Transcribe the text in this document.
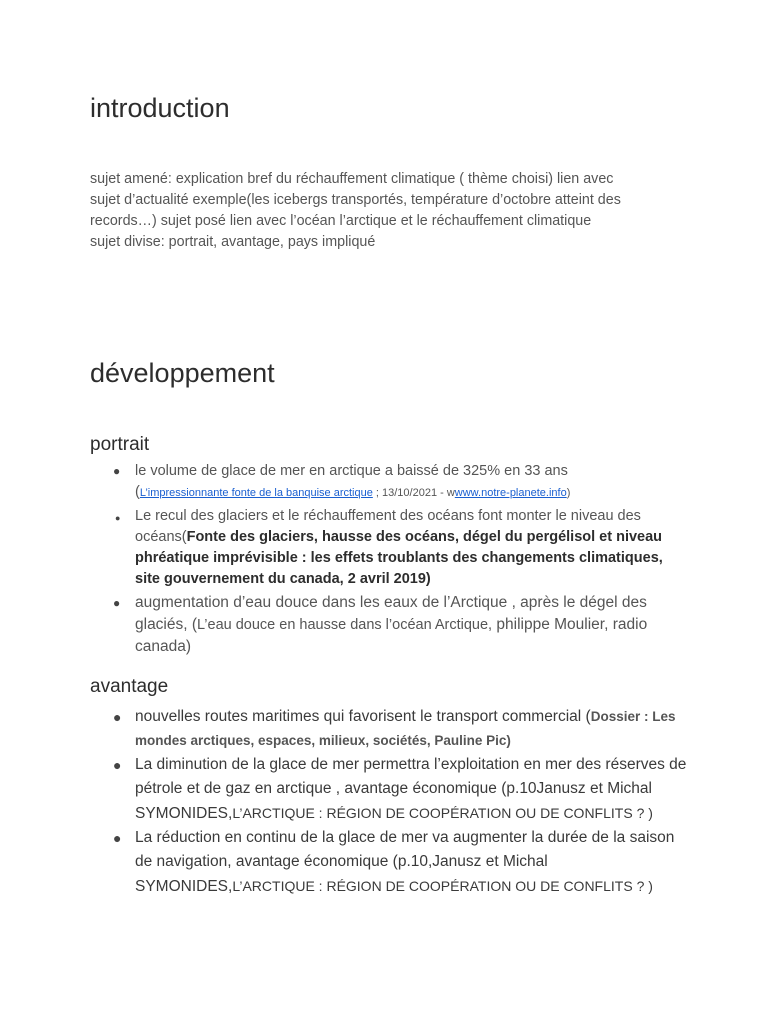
introduction
sujet amené: explication bref du réchauffement climatique ( thème choisi) lien avec
sujet d’actualité exemple(les icebergs transportés, température d’octobre atteint des
records…) sujet posé lien avec l’océan l’arctique et le réchauffement climatique
sujet divise: portrait, avantage, pays impliqué
développement
portrait
● le volume de glace de mer en arctique a baissé de 325% en 33 ans
(L’impressionnante fonte de la banquise arctique ; 13/10/2021 - wwww.notre-planete.info)
● Le recul des glaciers et le réchauffement des océans font monter le niveau des océans(Fonte des glaciers, hausse des océans, dégel du pergélisol et niveau phréatique imprévisible : les effets troublants des changements climatiques, site gouvernement du canada, 2 avril 2019)
● augmentation d’eau douce dans les eaux de l’Arctique , après le dégel des glaciés, (L’eau douce en hausse dans l’océan Arctique, philippe Moulier, radio canada)
avantage
● nouvelles routes maritimes qui favorisent le transport commercial (Dossier : Les mondes arctiques, espaces, milieux, sociétés, Pauline Pic)
● La diminution de la glace de mer permettra l’exploitation en mer des réserves de pétrole et de gaz en arctique , avantage économique (p.10Janusz et Michal SYMONIDES,L’ARCTIQUE : RÉGION DE COOPÉRATION OU DE CONFLITS ? )
● La réduction en continu de la glace de mer va augmenter la durée de la saison de navigation, avantage économique (p.10,Janusz et Michal SYMONIDES,L’ARCTIQUE : RÉGION DE COOPÉRATION OU DE CONFLITS ? )
